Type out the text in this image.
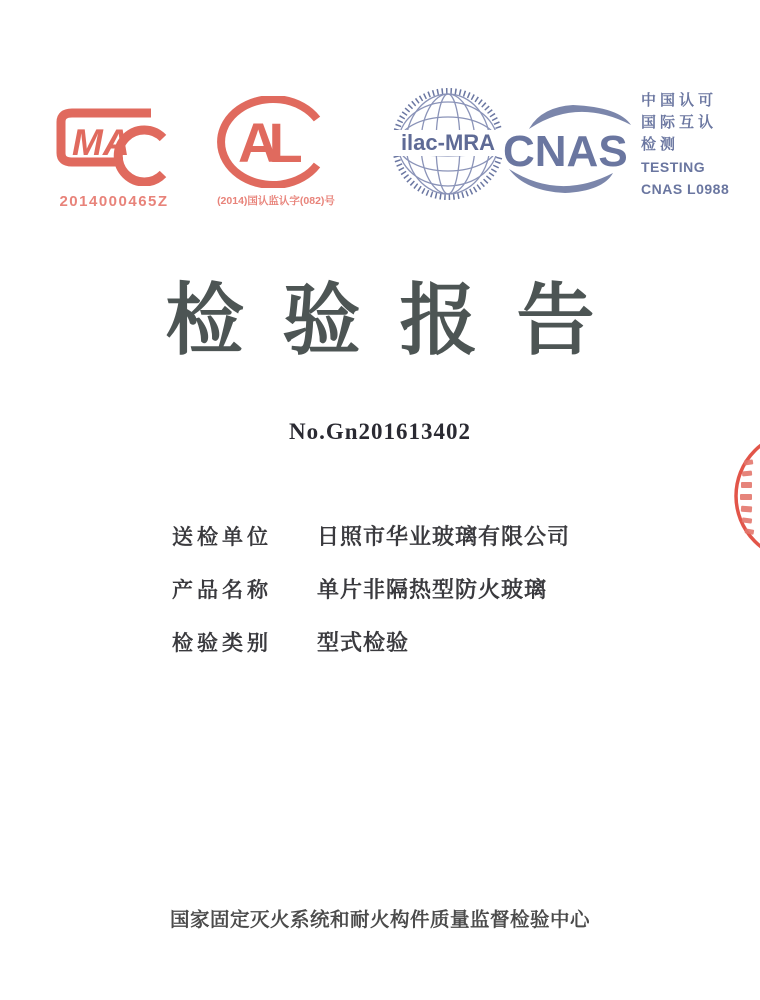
MA
2014000465Z
AL
(2014)国认监认字(082)号
ilac-MRA CNAS
中国认可
国际互认
检测
TESTING
CNAS L0988
检验报告
No.Gn201613402
送检单位	日照市华业玻璃有限公司
产品名称	单片非隔热型防火玻璃
检验类别	型式检验
国家固定灭火系统和耐火构件质量监督检验中心
